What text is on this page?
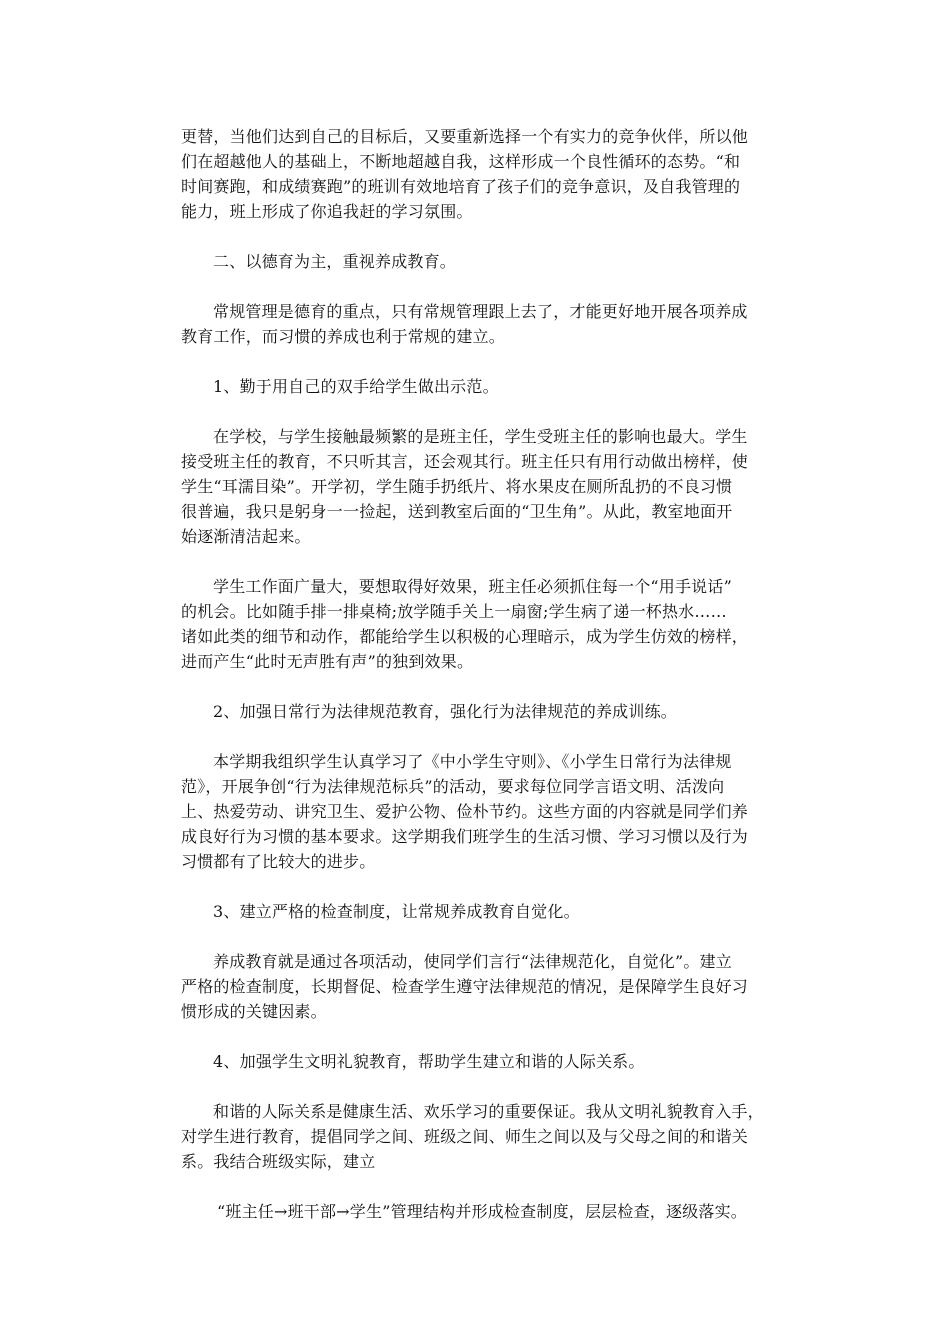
更替，当他们达到自己的目标后，又要重新选择一个有实力的竞争伙伴，所以他
们在超越他人的基础上，不断地超越自我，这样形成一个良性循环的态势。“和
时间赛跑，和成绩赛跑”的班训有效地培育了孩子们的竞争意识，及自我管理的
能力，班上形成了你追我赶的学习氛围。

二、以德育为主，重视养成教育。

常规管理是德育的重点，只有常规管理跟上去了，才能更好地开展各项养成
教育工作，而习惯的养成也利于常规的建立。

1、勤于用自己的双手给学生做出示范。

在学校，与学生接触最频繁的是班主任，学生受班主任的影响也最大。学生
接受班主任的教育，不只听其言，还会观其行。班主任只有用行动做出榜样，使
学生“耳濡目染”。开学初，学生随手扔纸片、将水果皮在厕所乱扔的不良习惯
很普遍，我只是躬身一一捡起，送到教室后面的“卫生角”。从此，教室地面开
始逐渐清洁起来。

学生工作面广量大，要想取得好效果，班主任必须抓住每一个“用手说话”
的机会。比如随手排一排桌椅;放学随手关上一扇窗;学生病了递一杯热水……
诸如此类的细节和动作，都能给学生以积极的心理暗示，成为学生仿效的榜样，
进而产生“此时无声胜有声”的独到效果。

2、加强日常行为法律规范教育，强化行为法律规范的养成训练。

本学期我组织学生认真学习了《中小学生守则》、《小学生日常行为法律规
范》，开展争创“行为法律规范标兵”的活动，要求每位同学言语文明、活泼向
上、热爱劳动、讲究卫生、爱护公物、俭朴节约。这些方面的内容就是同学们养
成良好行为习惯的基本要求。这学期我们班学生的生活习惯、学习习惯以及行为
习惯都有了比较大的进步。

3、建立严格的检查制度，让常规养成教育自觉化。

养成教育就是通过各项活动，使同学们言行“法律规范化，自觉化”。建立
严格的检查制度，长期督促、检查学生遵守法律规范的情况，是保障学生良好习
惯形成的关键因素。

4、加强学生文明礼貌教育，帮助学生建立和谐的人际关系。

和谐的人际关系是健康生活、欢乐学习的重要保证。我从文明礼貌教育入手，
对学生进行教育，提倡同学之间、班级之间、师生之间以及与父母之间的和谐关
系。我结合班级实际，建立

“班主任→班干部→学生”管理结构并形成检查制度，层层检查，逐级落实。
